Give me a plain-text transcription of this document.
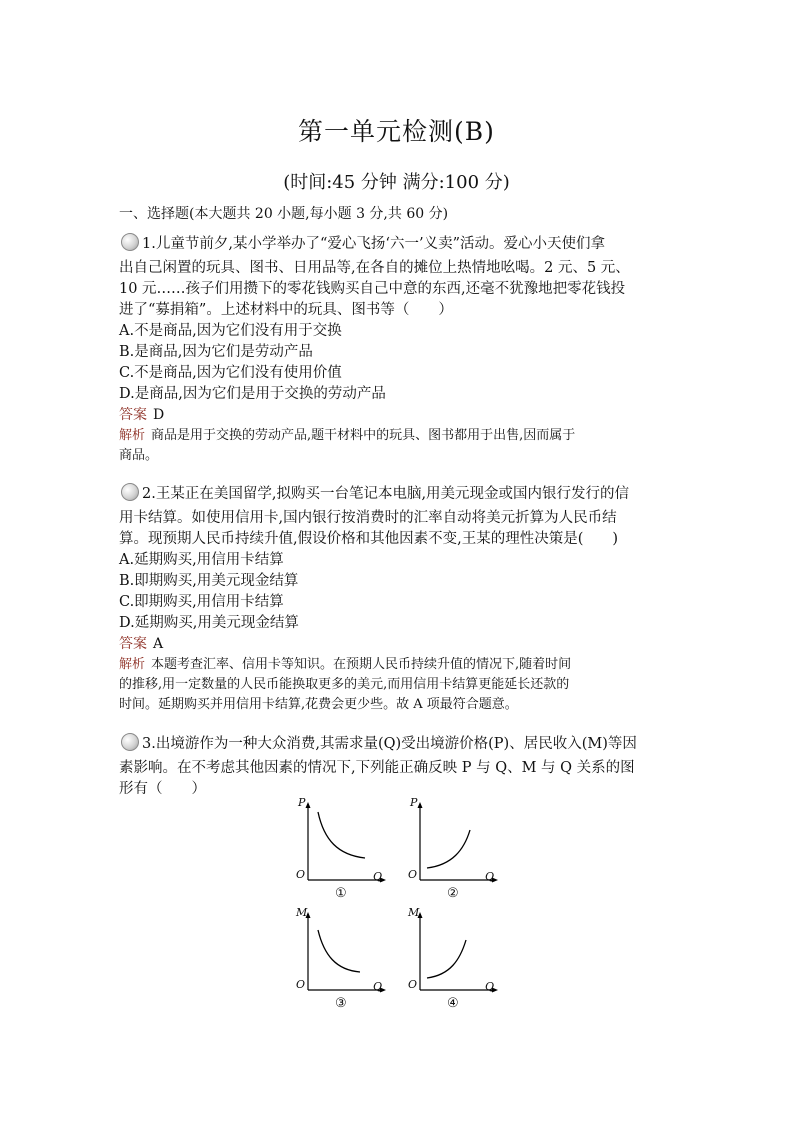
第一单元检测(B)
(时间:45 分钟 满分:100 分)
一、选择题(本大题共 20 小题,每小题 3 分,共 60 分)
1.儿童节前夕,某小学举办了“爱心飞扬‘六一’义卖”活动。爱心小天使们拿
出自己闲置的玩具、图书、日用品等,在各自的摊位上热情地吆喝。2 元、5 元、
10 元……孩子们用攒下的零花钱购买自己中意的东西,还毫不犹豫地把零花钱投
进了“募捐箱”。上述材料中的玩具、图书等（　　）
A.不是商品,因为它们没有用于交换
B.是商品,因为它们是劳动产品
C.不是商品,因为它们没有使用价值
D.是商品,因为它们是用于交换的劳动产品
答案 D
解析 商品是用于交换的劳动产品,题干材料中的玩具、图书都用于出售,因而属于
商品。
2.王某正在美国留学,拟购买一台笔记本电脑,用美元现金或国内银行发行的信
用卡结算。如使用信用卡,国内银行按消费时的汇率自动将美元折算为人民币结
算。现预期人民币持续升值,假设价格和其他因素不变,王某的理性决策是(　　)
A.延期购买,用信用卡结算
B.即期购买,用美元现金结算
C.即期购买,用信用卡结算
D.延期购买,用美元现金结算
答案 A
解析 本题考查汇率、信用卡等知识。在预期人民币持续升值的情况下,随着时间
的推移,用一定数量的人民币能换取更多的美元,而用信用卡结算更能延长还款的
时间。延期购买并用信用卡结算,花费会更少些。故 A 项最符合题意。
3.出境游作为一种大众消费,其需求量(Q)受出境游价格(P)、居民收入(M)等因
素影响。在不考虑其他因素的情况下,下列能正确反映 P 与 Q、M 与 Q 关系的图
形有（　　）
P
Q
O
①
P
Q
O
②
M
Q
O
③
M
Q
O
④
